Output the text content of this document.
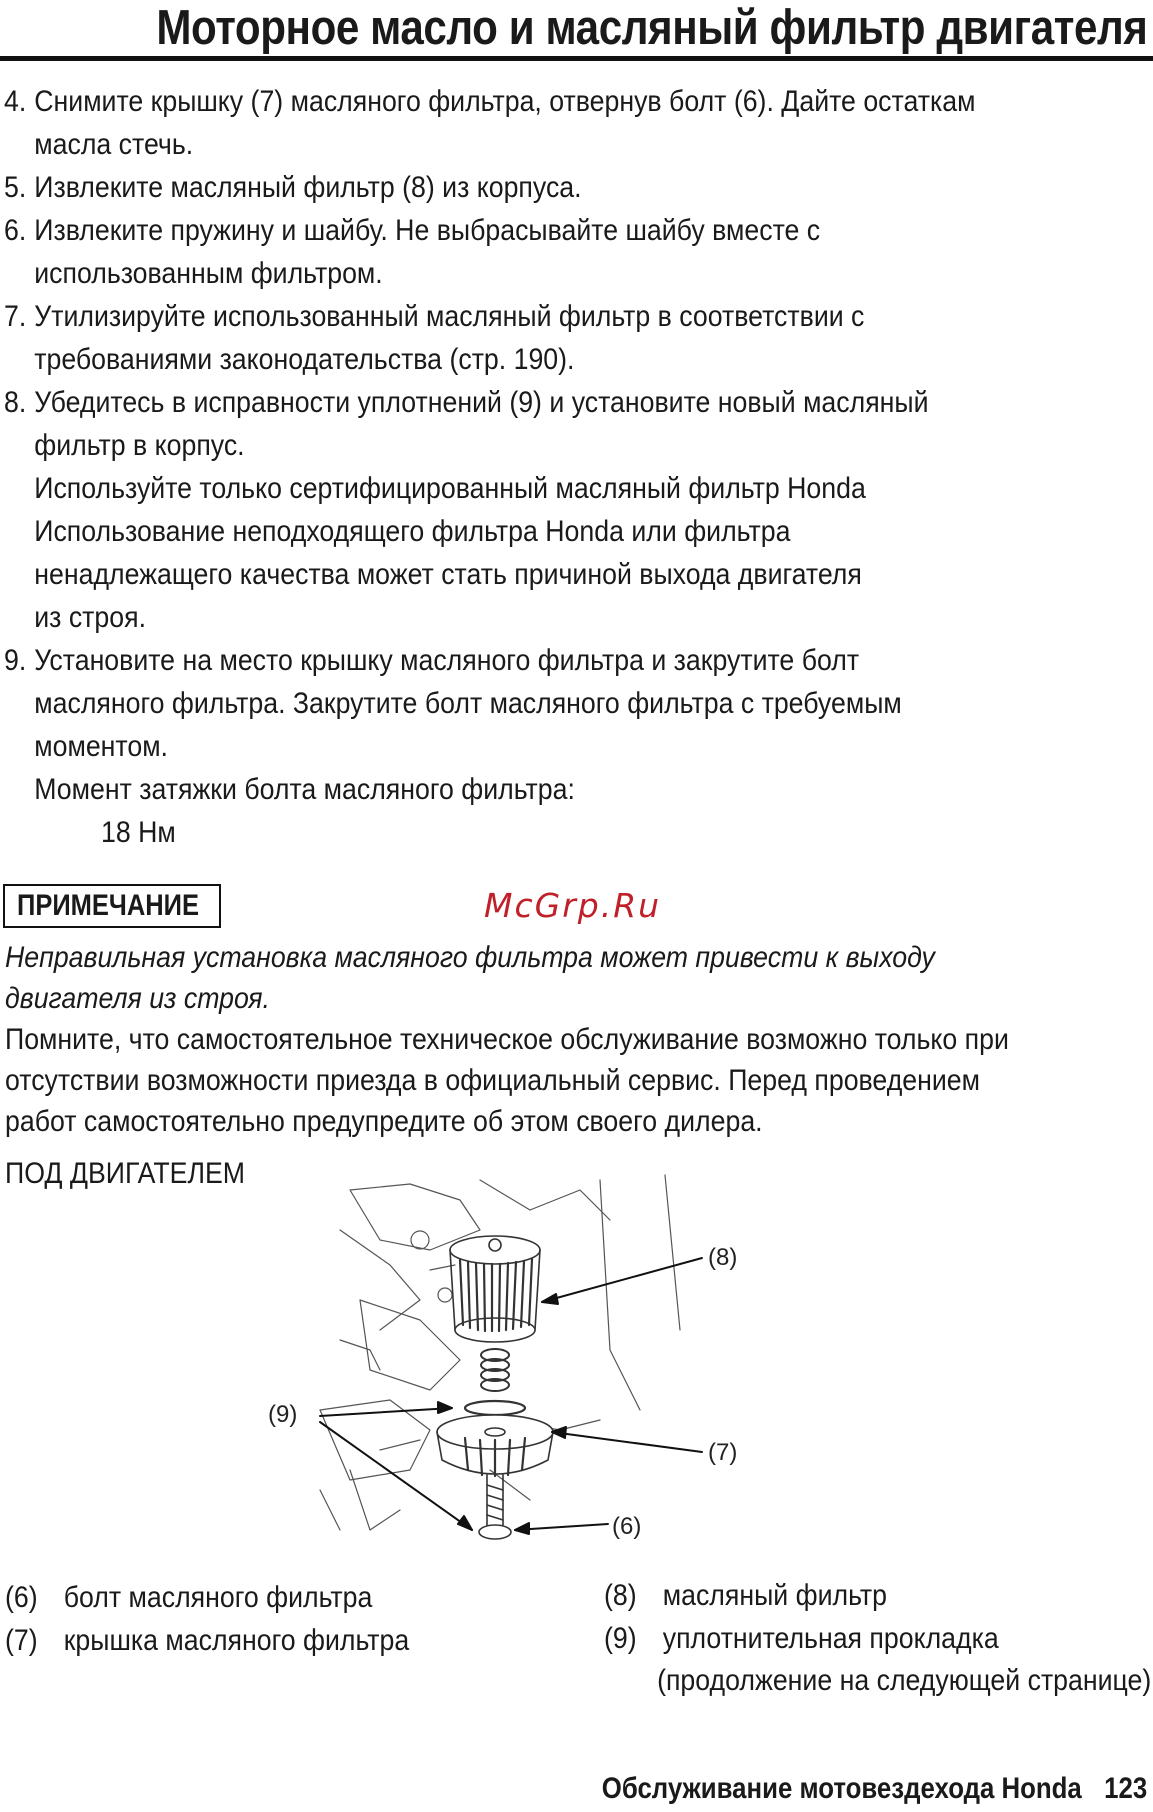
Моторное масло и масляный фильтр двигателя
4. Снимите крышку (7) масляного фильтра, отвернув болт (6). Дайте остаткам
масла стечь.
5. Извлеките масляный фильтр (8) из корпуса.
6. Извлеките пружину и шайбу. Не выбрасывайте шайбу вместе с
использованным фильтром.
7. Утилизируйте использованный масляный фильтр в соответствии с
требованиями законодательства (стр. 190).
8. Убедитесь в исправности уплотнений (9) и установите новый масляный
фильтр в корпус.
Используйте только сертифицированный масляный фильтр Honda
Использование неподходящего фильтра Honda или фильтра
ненадлежащего качества может стать причиной выхода двигателя
из строя.
9. Установите на место крышку масляного фильтра и закрутите болт
масляного фильтра. Закрутите болт масляного фильтра с требуемым
моментом.
Момент затяжки болта масляного фильтра:
18 Нм
ПРИМЕЧАНИЕ	McGrp.Ru
Неправильная установка масляного фильтра может привести к выходу
двигателя из строя.
Помните, что самостоятельное техническое обслуживание возможно только при
отсутствии возможности приезда в официальный сервис. Перед проведением
работ самостоятельно предупредите об этом своего дилера.
ПОД ДВИГАТЕЛЕМ
(8)
(9)
(7)
(6)
(6) болт масляного фильтра
(7) крышка масляного фильтра
(8) масляный фильтр
(9) уплотнительная прокладка
(продолжение на следующей странице)
Обслуживание мотовездехода Honda 123
